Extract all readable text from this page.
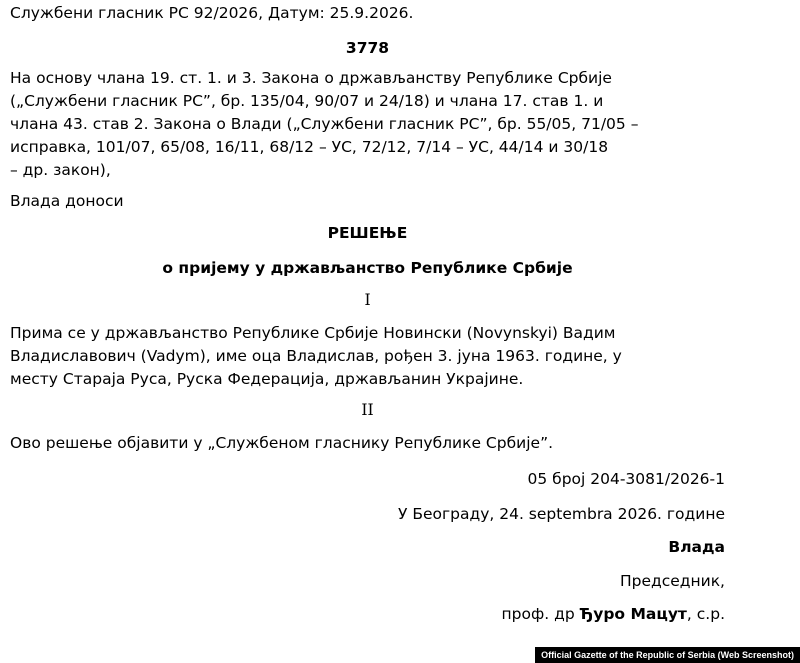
Службени гласник РС 92/2026, Датум: 25.9.2026.
3778
На основу члана 19. ст. 1. и 3. Закона о држављанству Републике Србије
(„Службени гласник РС”, бр. 135/04, 90/07 и 24/18) и члана 17. став 1. и
члана 43. став 2. Закона о Влади („Службени гласник РС”, бр. 55/05, 71/05 –
исправка, 101/07, 65/08, 16/11, 68/12 – УС, 72/12, 7/14 – УС, 44/14 и 30/18
– др. закон),
Влада доноси
РЕШЕЊЕ
о пријему у држављанство Републике Србије
I
Прима се у држављанство Републике Србије Новински (Novynskyi) Вадим
Владиславович (Vadym), име оца Владислав, рођен 3. јуна 1963. године, у
месту Старaја Руса, Руска Федерација, држављанин Украјине.
II
Ово решење објавити у „Службеном гласнику Републике Србије”.
05 број 204-3081/2026-1
У Београду, 24. septembra 2026. године
Влада
Председник,
проф. др Ђуро Мацут, с.р.
Official Gazette of the Republic of Serbia (Web Screenshot)
